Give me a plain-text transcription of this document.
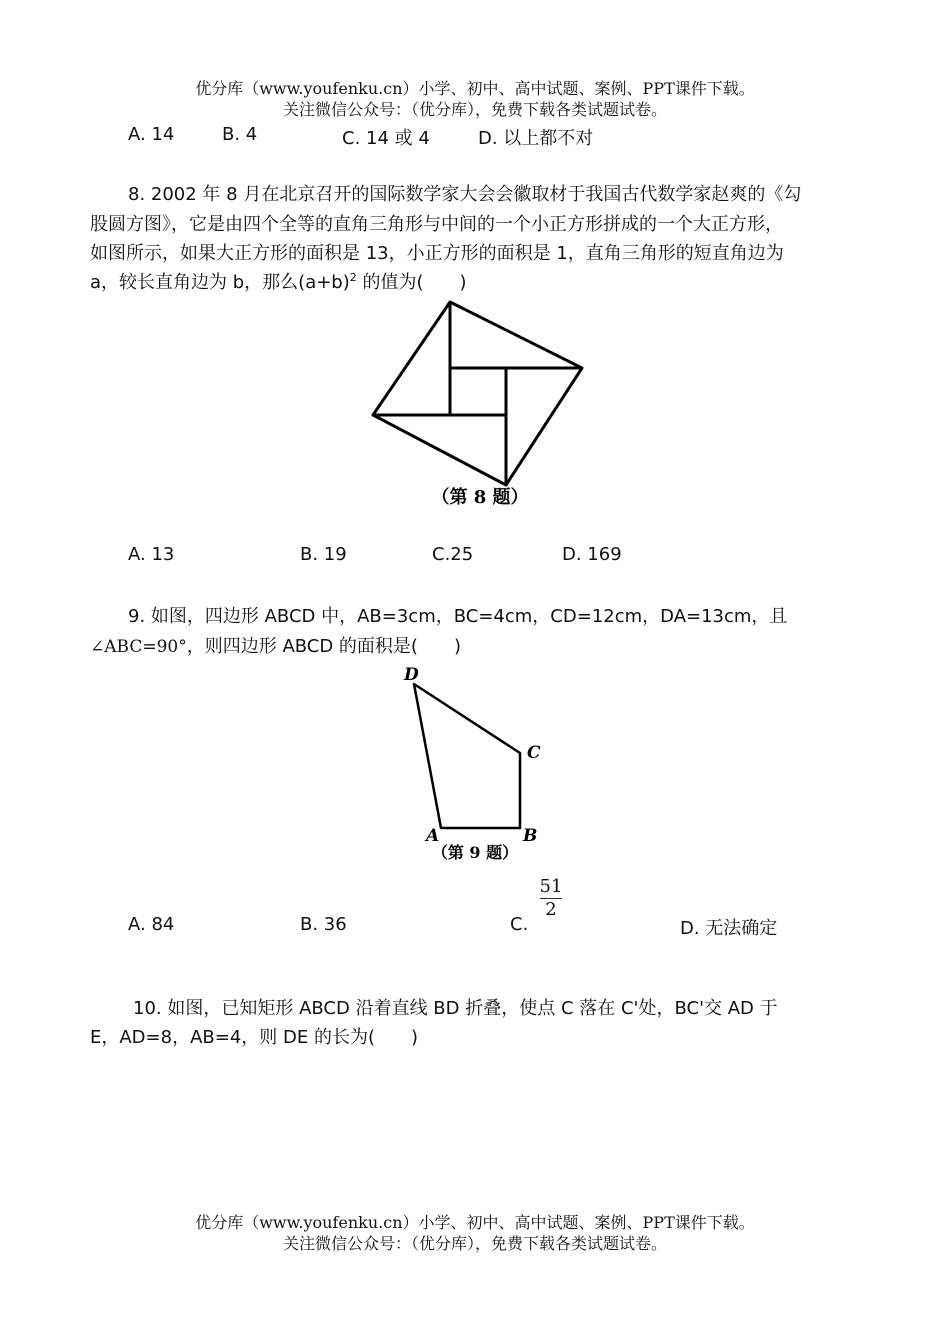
优分库（www.youfenku.cn）小学、初中、高中试题、案例、PPT课件下载。
关注微信公众号：（优分库），免费下载各类试题试卷。
A. 14	B. 4	C. 14 或 4	D. 以上都不对
8. 2002 年 8 月在北京召开的国际数学家大会会徽取材于我国古代数学家赵爽的《勾
股圆方图》，它是由四个全等的直角三角形与中间的一个小正方形拼成的一个大正方形，
如图所示，如果大正方形的面积是 13，小正方形的面积是 1，直角三角形的短直角边为
a，较长直角边为 b，那么$(a+b)^2$ 的值为(　　)
（第 8 题）
A. 13	B. 19	C.25	D. 169
9. 如图，四边形 ABCD 中，AB=3cm，BC=4cm，CD=12cm，DA=13cm，且
∠ABC=90°，则四边形 ABCD 的面积是(　　)
D
C
A	B
（第 9 题）
A. 84	B. 36	C.
51
2
D. 无法确定
10. 如图，已知矩形 ABCD 沿着直线 BD 折叠，使点 C 落在 C'处，BC'交 AD 于
E，AD=8，AB=4，则 DE 的长为(　　)
优分库（www.youfenku.cn）小学、初中、高中试题、案例、PPT课件下载。
关注微信公众号：（优分库），免费下载各类试题试卷。
